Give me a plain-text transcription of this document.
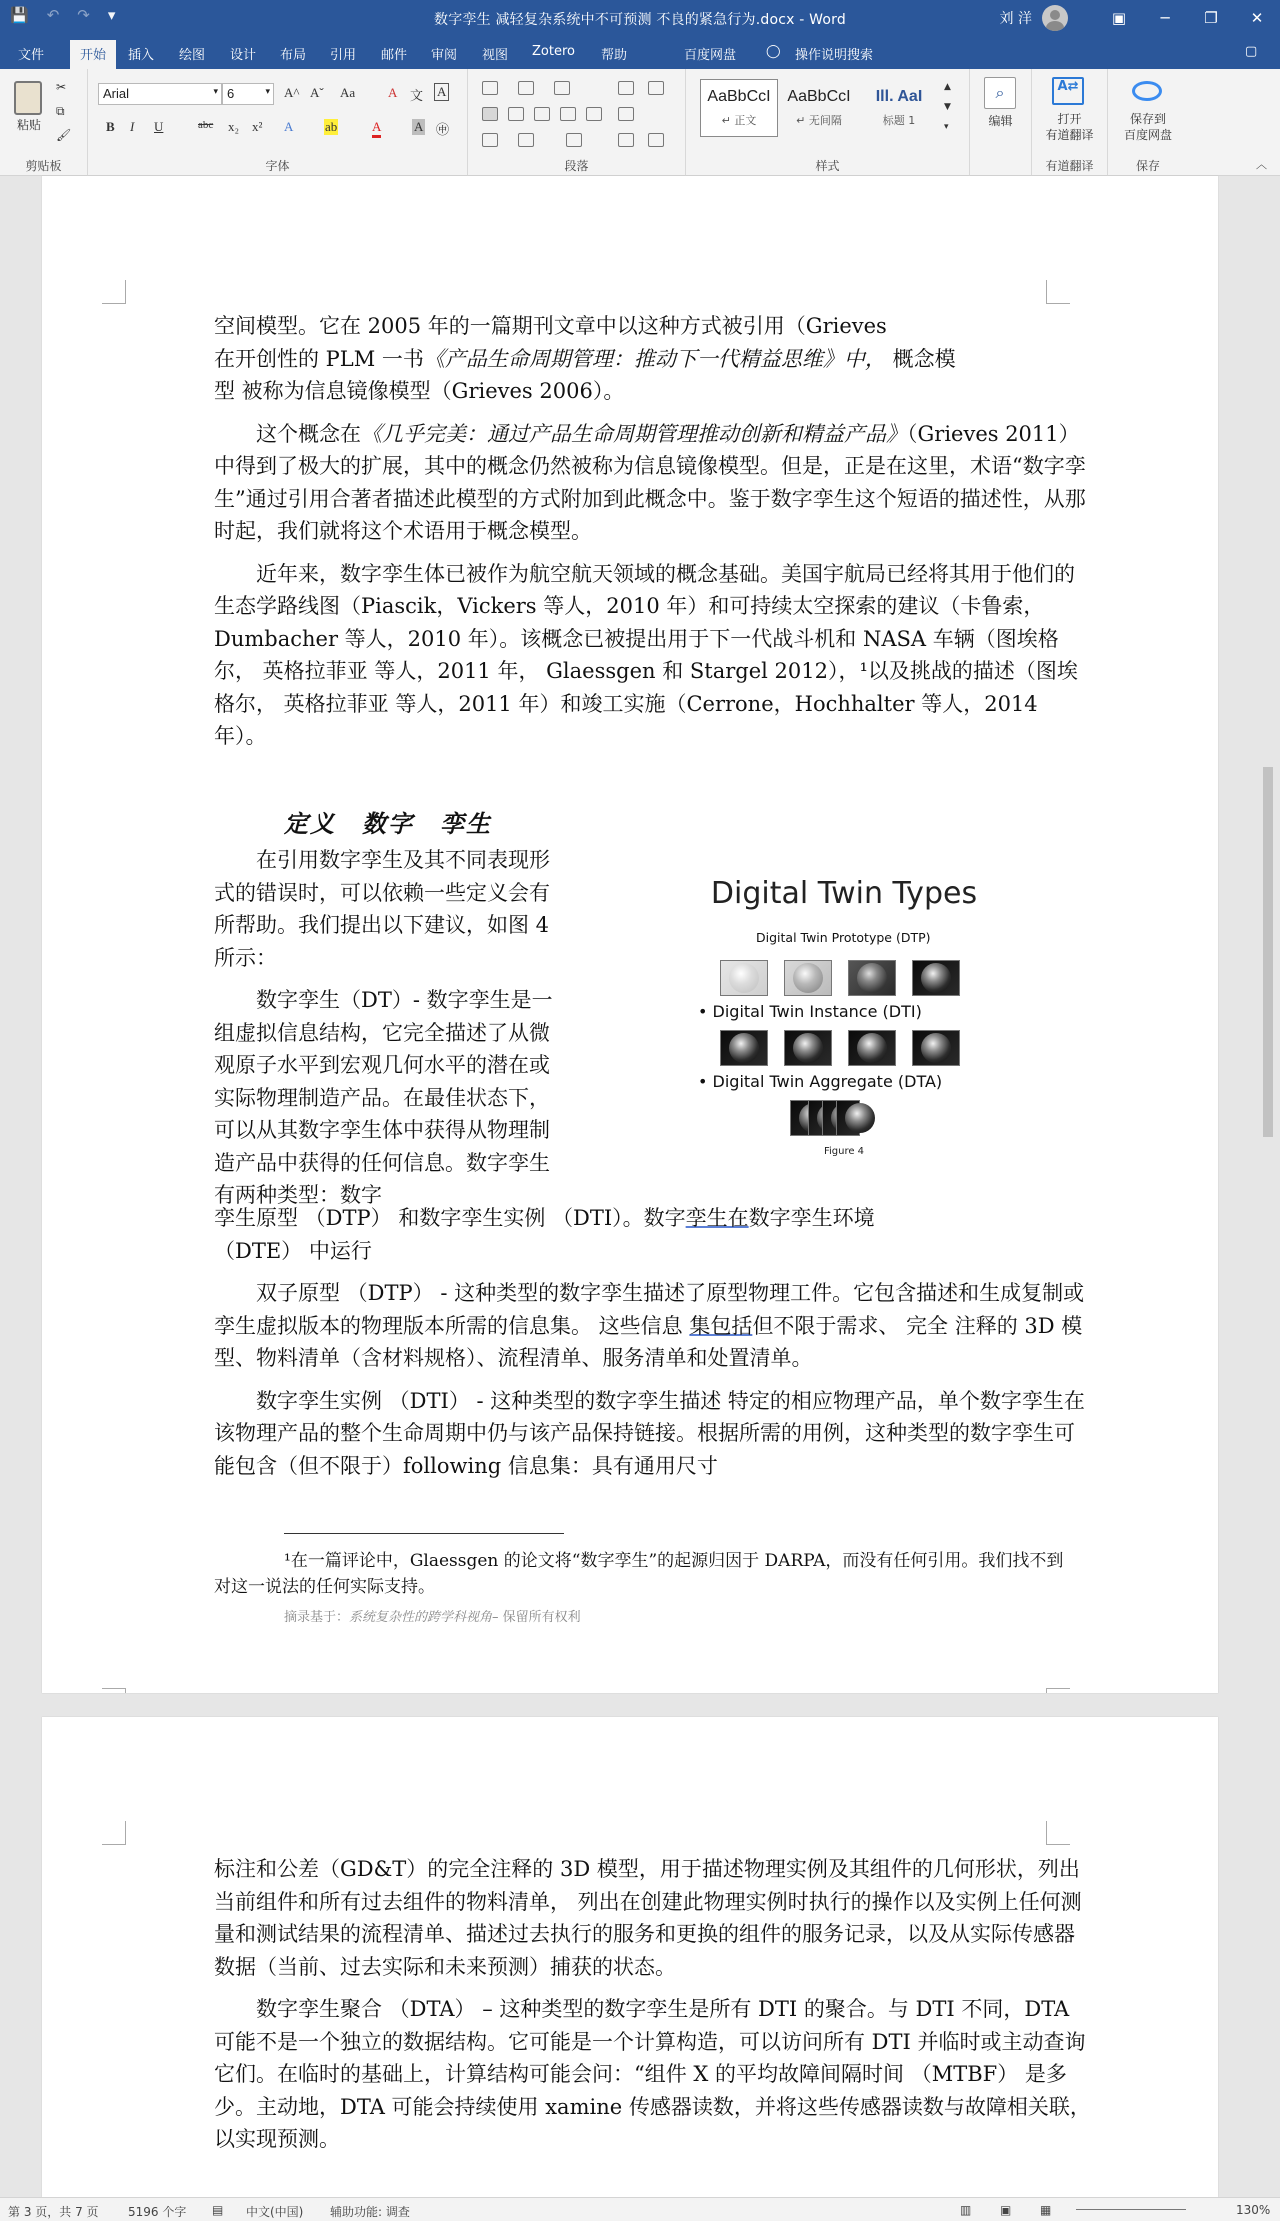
💾 ↶ ↷ ▾	数字孪生 减轻复杂系统中不可预测 不良的紧急行为.docx - Word	刘 洋	▣	─	❐	✕
文件	开始	插入 绘图 设计 布局 引用 邮件 审阅 视图 Zotero 帮助	百度网盘 ◯ 操作说明搜索	▢
粘贴
✂
⧉
🖌
剪贴板
Arial	▾ 6	▾ A^ Aˇ Aa	A 文 A
B I U	abc x₂ x² A ab	A	A ㊥
字体	段落
AaBbCcI
↵ 正文
AaBbCcI
↵ 无间隔
Ill. AaI
标题 1
▲
▼
▾
样式
⌕
编辑
A⇄
打开
有道翻译
有道翻译
保存到
百度网盘
保存	︿

空间模型。它在 2005 年的一篇期刊文章中以这种方式被引用（Grieves
在开创性的 PLM 一书《产品生命周期管理：推动下一代精益思维》中， 概念模
型 被称为信息镜像模型（Grieves 2006）。

这个概念在《几乎完美：通过产品生命周期管理推动创新和精益产品》（Grieves 2011）中得到了极大的扩展，其中的概念仍然被称为信息镜像模型。但是，正是在这里，术语“数字孪生”通过引用合著者描述此模型的方式附加到此概念中。鉴于数字孪生这个短语的描述性，从那时起，我们就将这个术语用于概念模型。

近年来，数字孪生体已被作为航空航天领域的概念基础。美国宇航局已经将其用于他们的生态学路线图（Piascik，Vickers 等人，2010 年）和可持续太空探索的建议（卡鲁索， Dumbacher 等人，2010 年）。该概念已被提出用于下一代战斗机和 NASA 车辆（图埃格尔， 英格拉菲亚 等人，2011 年， Glaessgen 和 Stargel 2012），¹以及挑战的描述（图埃格尔， 英格拉菲亚 等人，2011 年）和竣工实施（Cerrone，Hochhalter 等人，2014 年）。

定义　数字　孪生

在引用数字孪生及其不同表现形式的错误时，可以依赖一些定义会有所帮助。我们提出以下建议，如图 4 所示：

数字孪生（DT）- 数字孪生是一组虚拟信息结构，它完全描述了从微观原子水平到宏观几何水平的潜在或实际物理制造产品。在最佳状态下，可以从其数字孪生体中获得从物理制造产品中获得的任何信息。数字孪生有两种类型：数字

孪生原型 （DTP） 和数字孪生实例 （DTI）。数字孪生在数字孪生环境
（DTE） 中运行

双子原型 （DTP） - 这种类型的数字孪生描述了原型物理工件。它包含描述和生成复制或孪生虚拟版本的物理版本所需的信息集。 这些信息 集包括但不限于需求、 完全 注释的 3D 模型、物料清单（含材料规格）、流程清单、服务清单和处置清单。

数字孪生实例 （DTI） - 这种类型的数字孪生描述 特定的相应物理产品，单个数字孪生在该物理产品的整个生命周期中仍与该产品保持链接。根据所需的用例，这种类型的数字孪生可能包含（但不限于）following 信息集：具有通用尺寸

Digital Twin Types
Digital Twin Prototype (DTP)
• Digital Twin Instance (DTI)
• Digital Twin Aggregate (DTA)
Figure 4
¹在一篇评论中，Glaessgen 的论文将“数字孪生”的起源归因于 DARPA，而没有任何引用。我们找不到对这一说法的任何实际支持。
摘录基于：系统复杂性的跨学科视角– 保留所有权利

标注和公差（GD&T）的完全注释的 3D 模型，用于描述物理实例及其组件的几何形状，列出当前组件和所有过去组件的物料清单， 列出在创建此物理实例时执行的操作以及实例上任何测量和测试结果的流程清单、描述过去执行的服务和更换的组件的服务记录，以及从实际传感器数据（当前、过去实际和未来预测）捕获的状态。

数字孪生聚合 （DTA） – 这种类型的数字孪生是所有 DTI 的聚合。与 DTI 不同，DTA 可能不是一个独立的数据结构。它可能是一个计算构造，可以访问所有 DTI 并临时或主动查询它们。在临时的基础上，计算结构可能会问：“组件 X 的平均故障间隔时间 （MTBF） 是多少。主动地，DTA 可能会持续使用 xamine 传感器读数，并将这些传感器读数与故障相关联，以实现预测。

第 3 页，共 7 页 5196 个字 ▤ 中文(中国) 辅助功能: 调查	▥ ▣ ▦	130%
